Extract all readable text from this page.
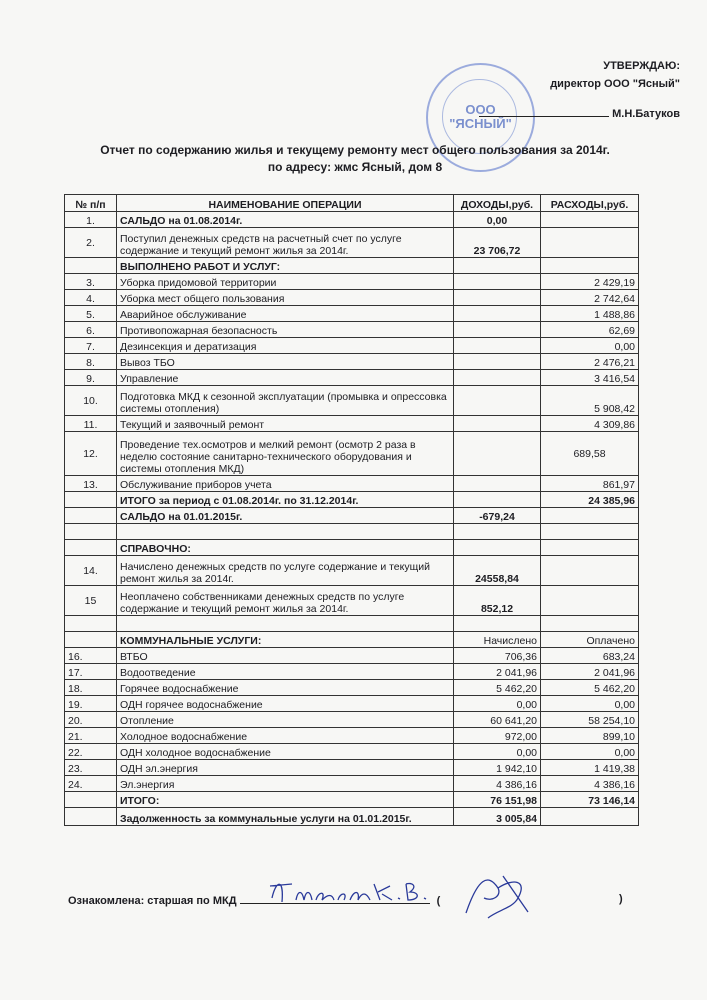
ООО
"ЯСНЫЙ"
УТВЕРЖДАЮ:
директор ООО "Ясный"
М.Н.Батуков
Отчет по содержанию жилья и текущему ремонту мест общего пользования за 2014г.
по адресу: жмс Ясный, дом 8
№ п/п	НАИМЕНОВАНИЕ ОПЕРАЦИИ	ДОХОДЫ,руб.	РАСХОДЫ,руб.
1.	САЛЬДО на 01.08.2014г.	0,00	
2.	Поступил денежных средств на расчетный счет по услуге содержание и текущий ремонт жилья за 2014г.	23 706,72	
	ВЫПОЛНЕНО РАБОТ И УСЛУГ:		
3.	Уборка придомовой территории		2 429,19
4.	Уборка мест общего пользования		2 742,64
5.	Аварийное обслуживание		1 488,86
6.	Противопожарная безопасность		62,69
7.	Дезинсекция и дератизация		0,00
8.	Вывоз ТБО		2 476,21
9.	Управление		3 416,54
10.	Подготовка МКД к сезонной эксплуатации (промывка и опрессовка системы отопления)		5 908,42
11.	Текущий и заявочный ремонт		4 309,86
12.	Проведение тех.осмотров и мелкий ремонт (осмотр 2 раза в неделю состояние санитарно-технического оборудования и системы отопления МКД)		689,58
13.	Обслуживание приборов учета		861,97
	ИТОГО за период с 01.08.2014г. по 31.12.2014г.		24 385,96
	САЛЬДО на 01.01.2015г.	-679,24	

	СПРАВОЧНО:		
14.	Начислено денежных средств по услуге содержание и текущий ремонт жилья за 2014г.	24558,84	
15	Неоплачено собственниками денежных средств по услуге содержание и текущий ремонт жилья за 2014г.	852,12	

	КОММУНАЛЬНЫЕ УСЛУГИ:	Начислено	Оплачено
16.	ВТБО	706,36	683,24
17.	Водоотведение	2 041,96	2 041,96
18.	Горячее водоснабжение	5 462,20	5 462,20
19.	ОДН горячее водоснабжение	0,00	0,00
20.	Отопление	60 641,20	58 254,10
21.	Холодное водоснабжение	972,00	899,10
22.	ОДН холодное водоснабжение	0,00	0,00
23.	ОДН эл.энергия	1 942,10	1 419,38
24.	Эл.энергия	4 386,16	4 386,16
	ИТОГО:	76 151,98	73 146,14
	Задолженность за коммунальные услуги на 01.01.2015г.	3 005,84	
Ознакомлена: старшая по МКД	(	)
